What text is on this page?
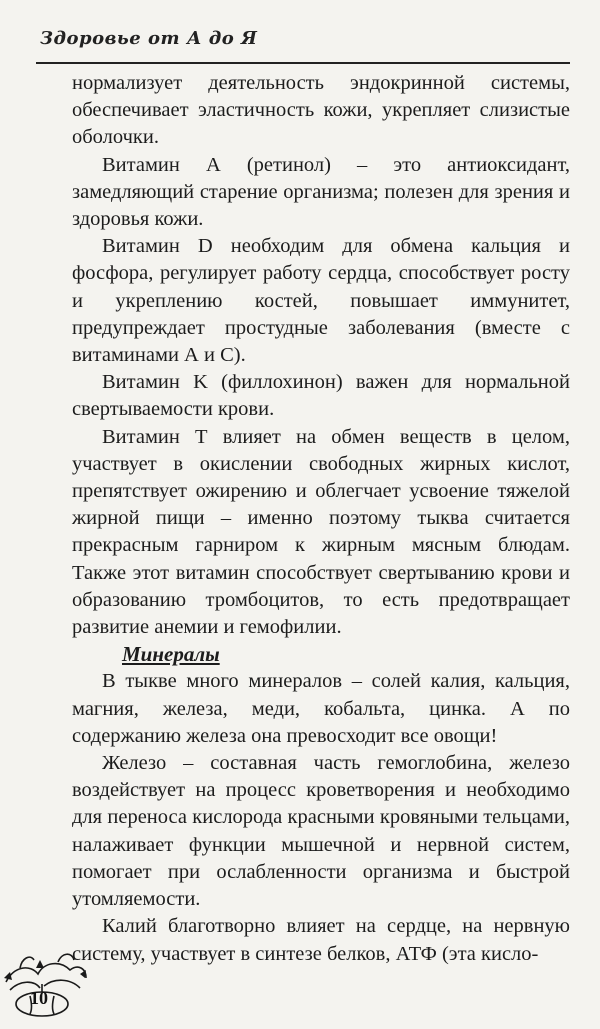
Здоровье от А до Я

нормализует деятельность эндокринной системы, обеспечивает эластичность кожи, укрепляет слизистые оболочки.

Витамин А (ретинол) – это антиоксидант, замедляющий старение организма; полезен для зрения и здоровья кожи.

Витамин D необходим для обмена кальция и фосфора, регулирует работу сердца, способствует росту и укреплению костей, повышает иммунитет, предупреждает простудные заболевания (вместе с витаминами А и С).

Витамин K (филлохинон) важен для нормальной свертываемости крови.

Витамин Т влияет на обмен веществ в целом, участвует в окислении свободных жирных кислот, препятствует ожирению и облегчает усвоение тяжелой жирной пищи – именно поэтому тыква считается прекрасным гарниром к жирным мясным блюдам. Также этот витамин способствует свертыванию крови и образованию тромбоцитов, то есть предотвращает развитие анемии и гемофилии.

Минералы

В тыкве много минералов – солей калия, кальция, магния, железа, меди, кобальта, цинка. А по содержанию железа она превосходит все овощи!

Железо – составная часть гемоглобина, железо воздействует на процесс кроветворения и необходимо для переноса кислорода красными кровяными тельцами, налаживает функции мышечной и нервной систем, помогает при ослабленности организма и быстрой утомляемости.

Калий благотворно влияет на сердце, на нервную систему, участвует в синтезе белков, АТФ (эта кисло-

10
